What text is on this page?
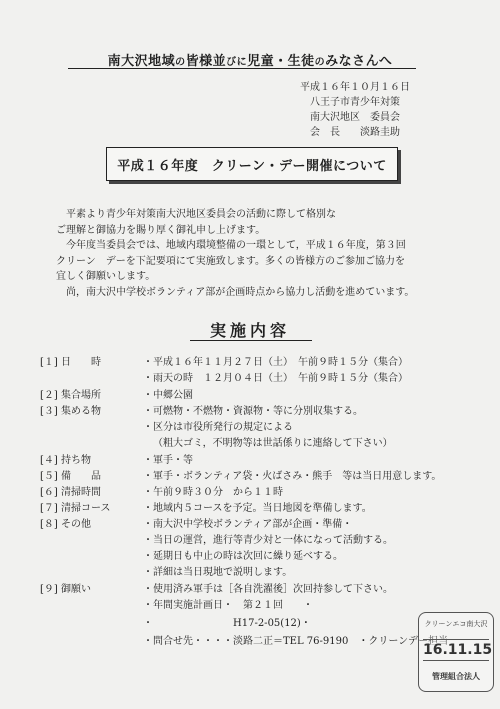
南大沢地域の皆様並びに児童・生徒のみなさんへ
平成１６年１０月１６日
八王子市青少年対策
南大沢地区　委員会
会　長　　淡路圭助
平成１６年度　クリーン・デー開催について

平素より青少年対策南大沢地区委員会の活動に際して格別な

ご理解と御協力を賜り厚く御礼申し上げます。

今年度当委員会では、地域内環境整備の一環として，平成１６年度，第３回

クリーン　デーを下記要項にて実施致します。多くの皆様方のご参加ご協力を

宜しく御願いします。

尚，南大沢中学校ボランティア部が企画時点から協力し活動を進めています。

実施内容
[１] 日　　時	・平成１６年１１月２７日（土）　午前９時１５分（集合）
・雨天の時　１２月０４日（土）　午前９時１５分（集合）
[２] 集合場所	・中郷公園
[３] 集める物	・可燃物・不燃物・資源物・等に分別収集する。
・区分は市役所発行の規定による
（粗大ゴミ，不明物等は世話係りに連絡して下さい）
[４] 持ち物	・軍手・等
[５] 備　　品	・軍手・ボランティア袋・火ばさみ・熊手　等は当日用意します。
[６] 清掃時間	・午前９時３０分　から１１時
[７] 清掃コース	・地域内５コースを予定。当日地図を準備します。
[８] その他	・南大沢中学校ボランティア部が企画・準備・
・当日の運営，進行等青少対と一体になって活動する。
・延期日も中止の時は次回に繰り延べする。
・詳細は当日現地で説明します。
[９] 御願い	・使用済み軍手は［各自洗濯後］次回持参して下さい。
・年間実施計画日・　第２１回　　・
・　　　　　　　　H17-2-05(12)・
・問合せ先・・・・淡路二正＝TEL 76-9190　・クリーンデー担当
クリーンエコ南大沢
16.11.15
管理組合法人
